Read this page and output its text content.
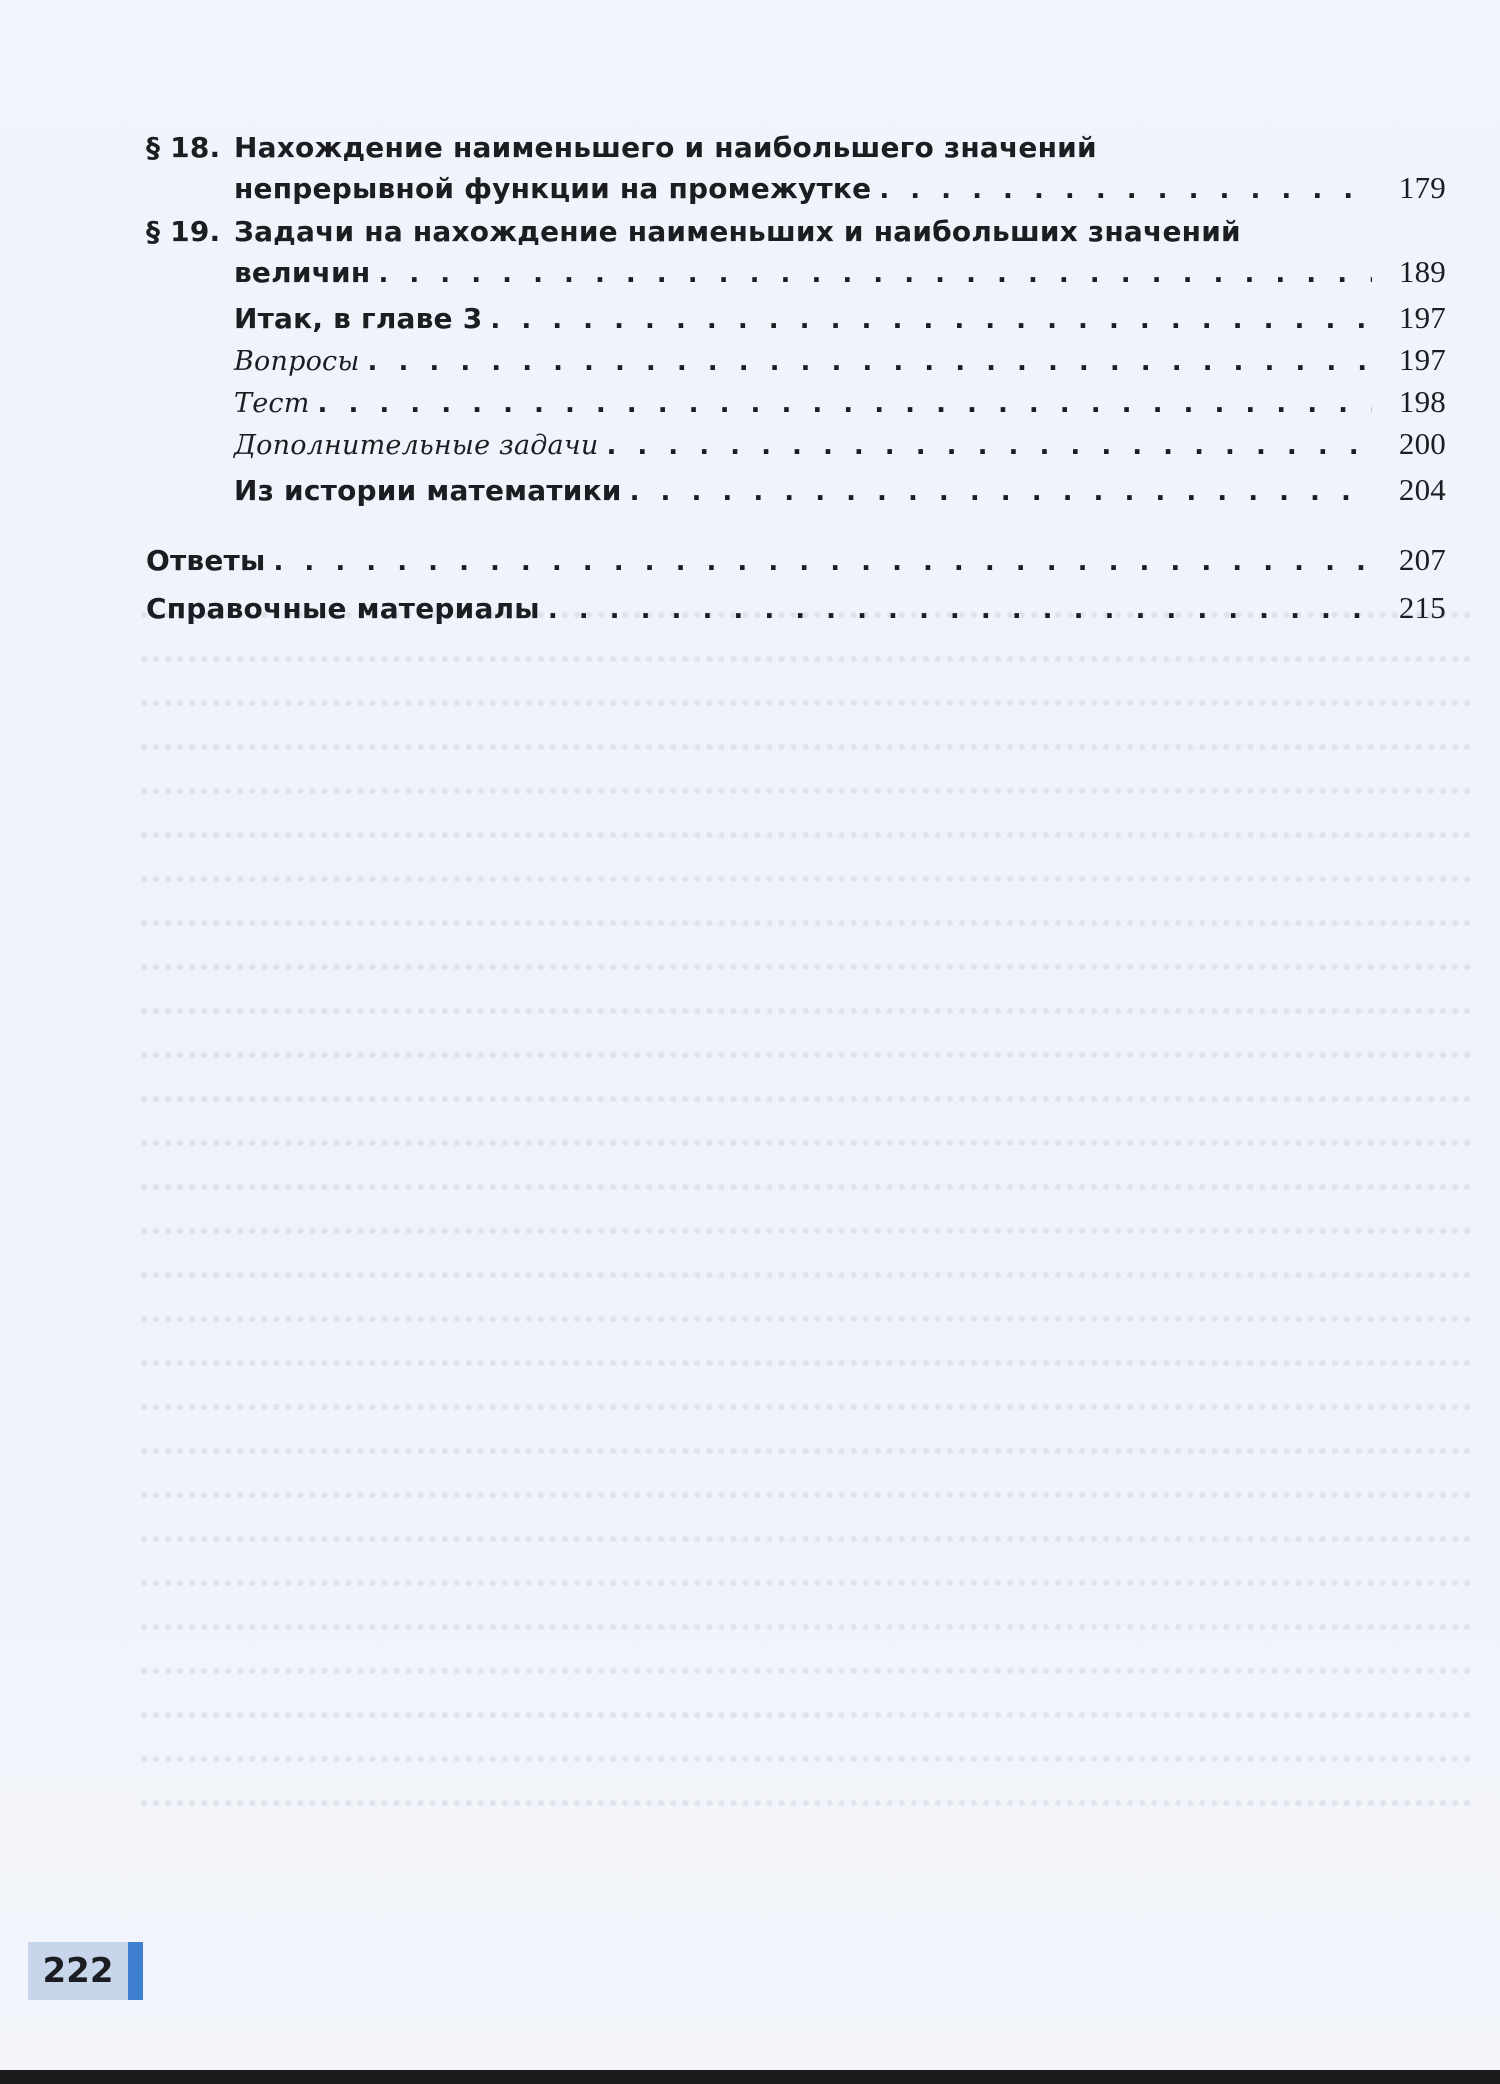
§ 18. Нахождение наименьшего и наибольшего значений
непрерывной функции на промежутке . . .	179
§ 19. Задачи на нахождение наименьших и наибольших значений
величин . . .	189
Итак, в главе 3 . . .	197
Вопросы . . .	197
Тест . . .	198
Дополнительные задачи . . .	200
Из истории математики . . .	204
Ответы . . .	207
Справочные материалы . . .	215
222
